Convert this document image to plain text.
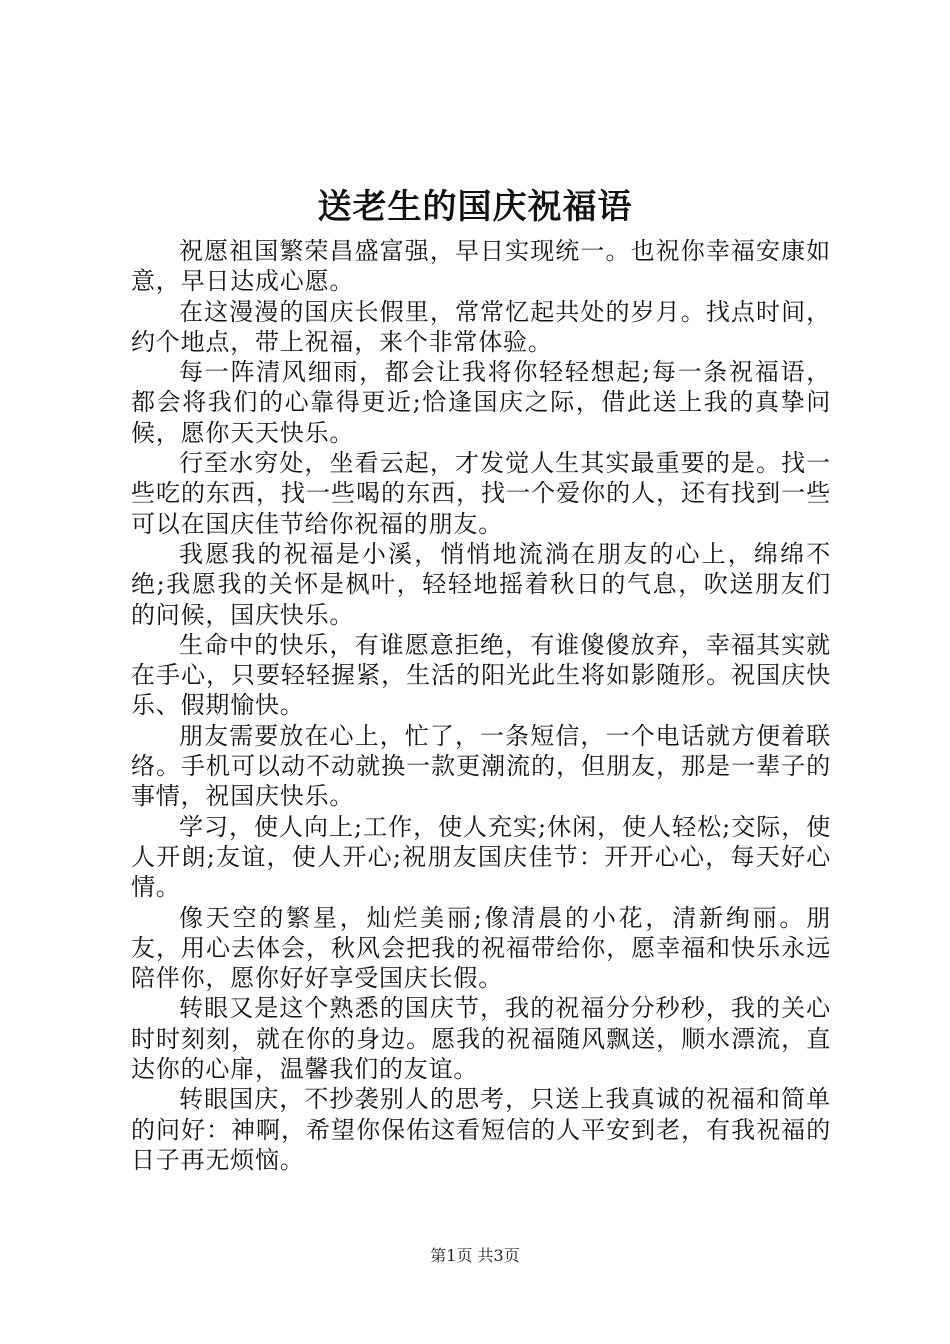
送老生的国庆祝福语

祝愿祖国繁荣昌盛富强，早日实现统一。也祝你幸福安康如意，早日达成心愿。

在这漫漫的国庆长假里，常常忆起共处的岁月。找点时间，约个地点，带上祝福，来个非常体验。

每一阵清风细雨，都会让我将你轻轻想起;每一条祝福语，都会将我们的心靠得更近;恰逢国庆之际，借此送上我的真挚问候，愿你天天快乐。

行至水穷处，坐看云起，才发觉人生其实最重要的是。找一些吃的东西，找一些喝的东西，找一个爱你的人，还有找到一些可以在国庆佳节给你祝福的朋友。

我愿我的祝福是小溪，悄悄地流淌在朋友的心上，绵绵不绝;我愿我的关怀是枫叶，轻轻地摇着秋日的气息，吹送朋友们的问候，国庆快乐。

生命中的快乐，有谁愿意拒绝，有谁傻傻放弃，幸福其实就在手心，只要轻轻握紧，生活的阳光此生将如影随形。祝国庆快乐、假期愉快。

朋友需要放在心上，忙了，一条短信，一个电话就方便着联络。手机可以动不动就换一款更潮流的，但朋友，那是一辈子的事情，祝国庆快乐。

学习，使人向上;工作，使人充实;休闲，使人轻松;交际，使人开朗;友谊，使人开心;祝朋友国庆佳节：开开心心，每天好心情。

像天空的繁星，灿烂美丽;像清晨的小花，清新绚丽。朋友，用心去体会，秋风会把我的祝福带给你，愿幸福和快乐永远陪伴你，愿你好好享受国庆长假。

转眼又是这个熟悉的国庆节，我的祝福分分秒秒，我的关心时时刻刻，就在你的身边。愿我的祝福随风飘送，顺水漂流，直达你的心扉，温馨我们的友谊。

转眼国庆，不抄袭别人的思考，只送上我真诚的祝福和简单的问好：神啊，希望你保佑这看短信的人平安到老，有我祝福的日子再无烦恼。

第1页 共3页
